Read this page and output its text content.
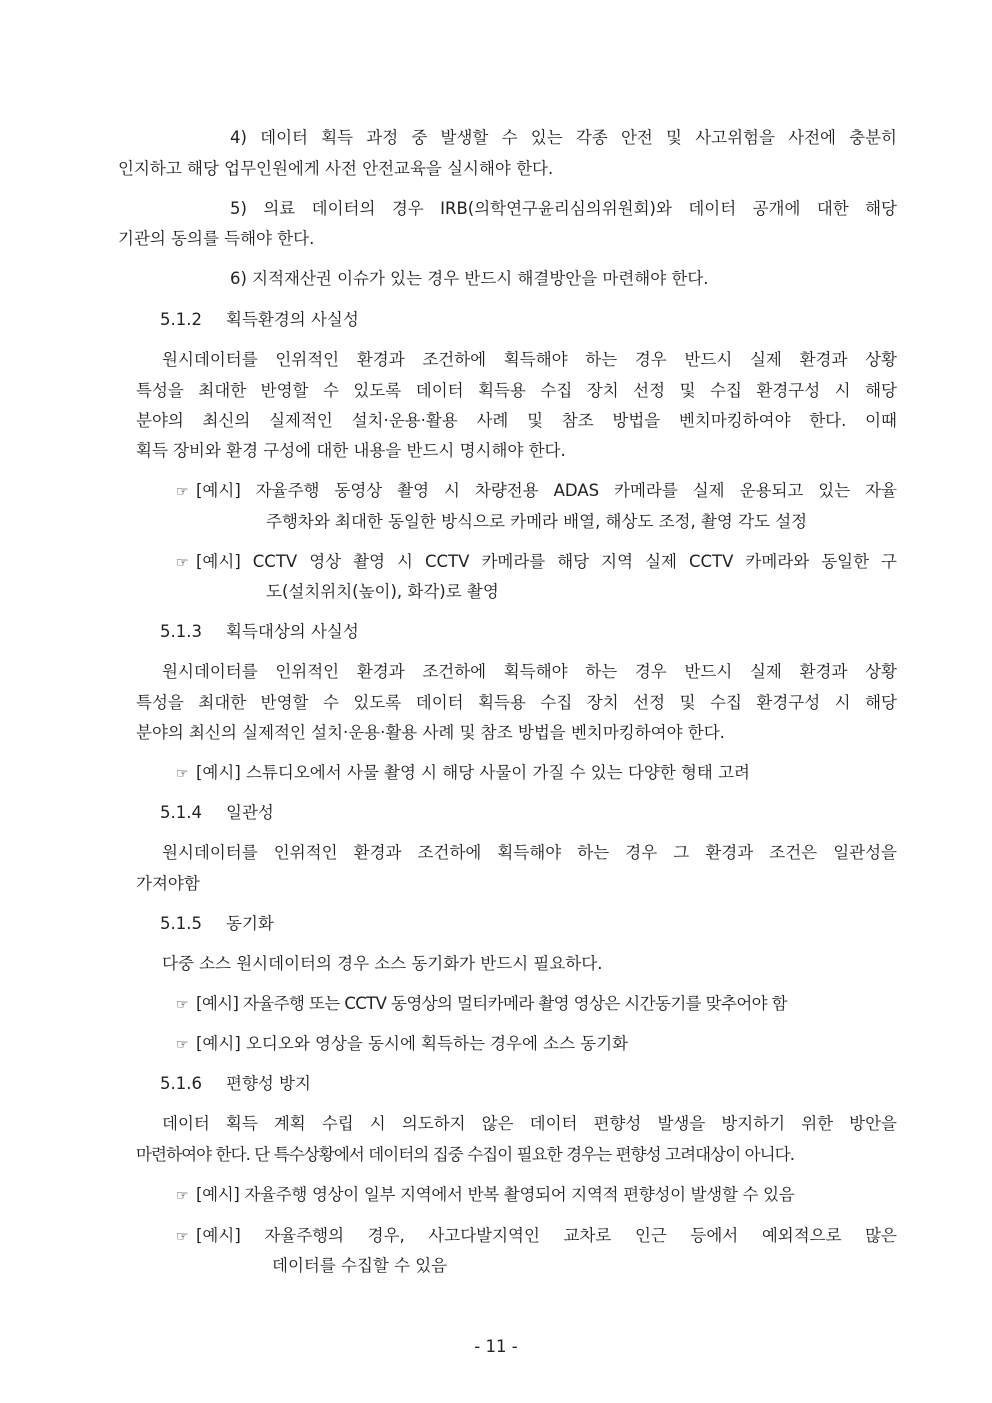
4) 데이터 획득 과정 중 발생할 수 있는 각종 안전 및 사고위험을 사전에 충분히
인지하고 해당 업무인원에게 사전 안전교육을 실시해야 한다.
5) 의료 데이터의 경우 IRB(의학연구윤리심의위원회)와 데이터 공개에 대한 해당
기관의 동의를 득해야 한다.
6) 지적재산권 이슈가 있는 경우 반드시 해결방안을 마련해야 한다.
5.1.2 획득환경의 사실성
원시데이터를 인위적인 환경과 조건하에 획득해야 하는 경우 반드시 실제 환경과 상황
특성을 최대한 반영할 수 있도록 데이터 획득용 수집 장치 선정 및 수집 환경구성 시 해당
분야의 최신의 실제적인 설치·운용·활용 사례 및 참조 방법을 벤치마킹하여야 한다. 이때
획득 장비와 환경 구성에 대한 내용을 반드시 명시해야 한다.
☞ [예시] 자율주행 동영상 촬영 시 차량전용 ADAS 카메라를 실제 운용되고 있는 자율
주행차와 최대한 동일한 방식으로 카메라 배열, 해상도 조정, 촬영 각도 설정
☞ [예시] CCTV 영상 촬영 시 CCTV 카메라를 해당 지역 실제 CCTV 카메라와 동일한 구
도(설치위치(높이), 화각)로 촬영
5.1.3 획득대상의 사실성
원시데이터를 인위적인 환경과 조건하에 획득해야 하는 경우 반드시 실제 환경과 상황
특성을 최대한 반영할 수 있도록 데이터 획득용 수집 장치 선정 및 수집 환경구성 시 해당
분야의 최신의 실제적인 설치·운용·활용 사례 및 참조 방법을 벤치마킹하여야 한다.
☞ [예시] 스튜디오에서 사물 촬영 시 해당 사물이 가질 수 있는 다양한 형태 고려
5.1.4 일관성
원시데이터를 인위적인 환경과 조건하에 획득해야 하는 경우 그 환경과 조건은 일관성을
가져야함
5.1.5 동기화
다중 소스 원시데이터의 경우 소스 동기화가 반드시 필요하다.
☞ [예시] 자율주행 또는 CCTV 동영상의 멀티카메라 촬영 영상은 시간동기를 맞추어야 함
☞ [예시] 오디오와 영상을 동시에 획득하는 경우에 소스 동기화
5.1.6 편향성 방지
데이터 획득 계획 수립 시 의도하지 않은 데이터 편향성 발생을 방지하기 위한 방안을
마련하여야 한다. 단 특수상황에서 데이터의 집중 수집이 필요한 경우는 편향성 고려대상이 아니다.
☞ [예시] 자율주행 영상이 일부 지역에서 반복 촬영되어 지역적 편향성이 발생할 수 있음
☞ [예시] 자율주행의 경우, 사고다발지역인 교차로 인근 등에서 예외적으로 많은
데이터를 수집할 수 있음
- 11 -
